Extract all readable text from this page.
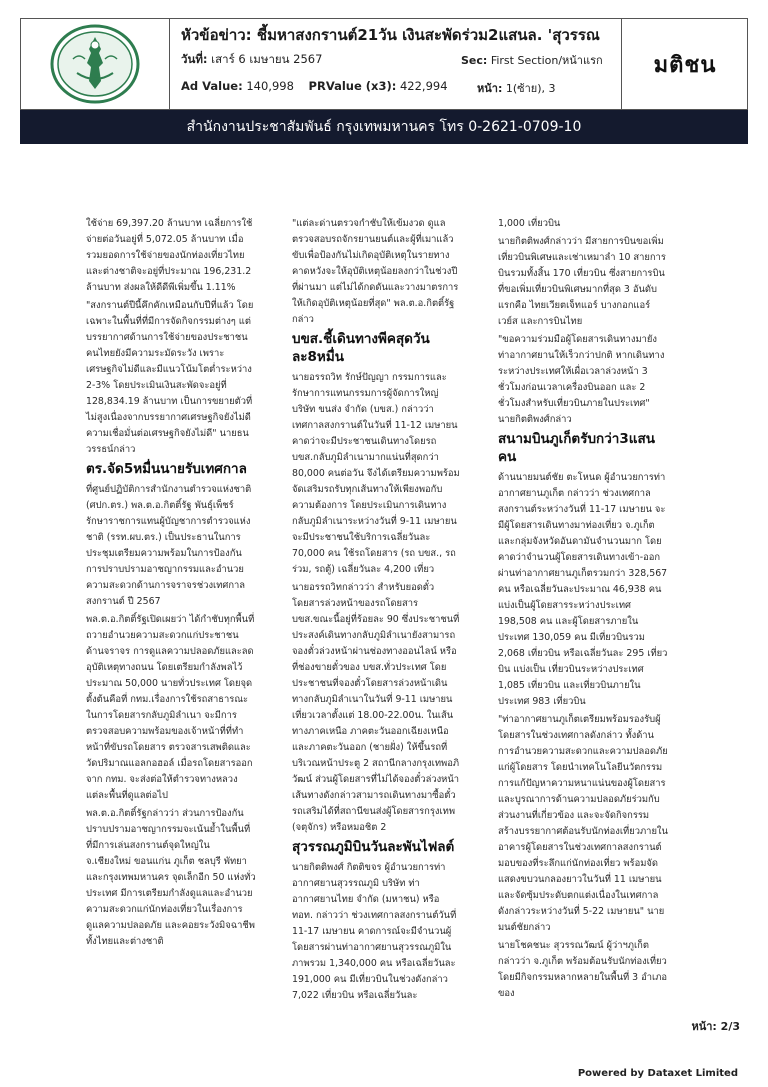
หัวข้อข่าว: ชี้มหาสงกรานต์21วัน เงินสะพัดร่วม2แสนล. 'สุวรรณ
วันที่: เสาร์ 6 เมษายน 2567	Sec: First Section/หน้าแรก
Ad Value: 140,998 PRValue (x3): 422,994	หน้า: 1(ซ้าย), 3
มติชน
สำนักงานประชาสัมพันธ์ กรุงเทพมหานคร โทร 0-2621-0709-10

ใช้จ่าย 69,397.20 ล้านบาท เฉลี่ยการใช้จ่ายต่อวันอยู่ที่ 5,072.05 ล้านบาท เมื่อรวมยอดการใช้จ่ายของนักท่องเที่ยวไทยและต่างชาติจะอยู่ที่ประมาณ 196,231.2 ล้านบาท ส่งผลให้ดีดีพีเพิ่มขึ้น 1.11%

"สงกรานต์ปีนี้คึกคักเหมือนกับปีที่แล้ว โดยเฉพาะในพื้นที่ที่มีการจัดกิจกรรมต่างๆ แต่บรรยากาศด้านการใช้จ่ายของประชาชนคนไทยยังมีความระมัดระวัง เพราะเศรษฐกิจไม่ดีและมีแนวโน้มโตต่ำระหว่าง 2-3% โดยประเมินเงินสะพัดจะอยู่ที่ 128,834.19 ล้านบาท เป็นการขยายตัวที่ไม่สูงเนื่องจากบรรยากาศเศรษฐกิจยังไม่ดี ความเชื่อมั่นต่อเศรษฐกิจยังไม่ดี" นายธนวรรธน์กล่าว

ตร.จัด5หมื่นนายรับเทศกาล

ที่ศูนย์ปฏิบัติการสำนักงานตำรวจแห่งชาติ (ศปก.ตร.) พล.ต.อ.กิตติ์รัฐ พันธุ์เพ็ชร์ รักษาราชการแทนผู้บัญชาการตำรวจแห่งชาติ (รรท.ผบ.ตร.) เป็นประธานในการประชุมเตรียมความพร้อมในการป้องกันการปราบปรามอาชญากรรมและอำนวยความสะดวกด้านการจราจรช่วงเทศกาลสงกรานต์ ปี 2567

พล.ต.อ.กิตติ์รัฐเปิดเผยว่า ได้กำชับทุกพื้นที่ถวายอำนวยความสะดวกแก่ประชาชนด้านจราจร การดูแลความปลอดภัยและลดอุบัติเหตุทางถนน โดยเตรียมกำลังพลไว้ประมาณ 50,000 นายทั่วประเทศ โดยจุดตั้งต้นคือที่ กทม.เรื่องการใช้รถสาธารณะในการโดยสารกลับภูมิลำเนา จะมีการตรวจสอบความพร้อมของเจ้าหน้าที่ที่ทำหน้าที่ขับรถโดยสาร ตรวจสารเสพติดและวัดปริมาณแอลกอฮอล์ เมื่อรถโดยสารออกจาก กทม. จะส่งต่อให้ตำรวจทางหลวงแต่ละพื้นที่ดูแลต่อไป

พล.ต.อ.กิตติ์รัฐกล่าวว่า ส่วนการป้องกันปราบปรามอาชญากรรมจะเน้นย้ำในพื้นที่ที่มีการเล่นสงกรานต์จุดใหญ่ใน จ.เชียงใหม่ ขอนแก่น ภูเก็ต ชลบุรี พัทยา และกรุงเทพมหานคร จุดเล็กอีก 50 แห่งทั่วประเทศ มีการเตรียมกำลังดูแลและอำนวยความสะดวกแก่นักท่องเที่ยวในเรื่องการดูแลความปลอดภัย และคอยระวังมิจฉาชีพทั้งไทยและต่างชาติ

"แต่ละด่านตรวจกำชับให้เข้มงวด ดูแลตรวจสอบรถจักรยานยนต์และผู้ที่เมาแล้วขับเพื่อป้องกันไม่เกิดอุบัติเหตุในรายทาง คาดหวังจะให้อุบัติเหตุน้อยลงกว่าในช่วงปีที่ผ่านมา แต่ไม่ได้กดดันและวางมาตรการให้เกิดอุบัติเหตุน้อยที่สุด" พล.ต.อ.กิตติ์รัฐกล่าว

บขส.ชี้เดินทางพีคสุดวันละ8หมื่น

นายอรรถวิท รักษ์ปัญญา กรรมการและรักษาการแทนกรรมการผู้จัดการใหญ่ บริษัท ขนส่ง จำกัด (บขส.) กล่าวว่า เทศกาลสงกรานต์ในวันที่ 11-12 เมษายน คาดว่าจะมีประชาชนเดินทางโดยรถ บขส.กลับภูมิลำเนามากแน่นที่สุดกว่า 80,000 คนต่อวัน จึงได้เตรียมความพร้อมจัดเสริมรถรับทุกเส้นทางให้เพียงพอกับความต้องการ โดยประเมินการเดินทางกลับภูมิลำเนาระหว่างวันที่ 9-11 เมษายน จะมีประชาชนใช้บริการเฉลี่ยวันละ 70,000 คน ใช้รถโดยสาร (รถ บขส., รถร่วม, รถตู้) เฉลี่ยวันละ 4,200 เที่ยว

นายอรรถวิทกล่าวว่า สำหรับยอดตั๋วโดยสารล่วงหน้าของรถโดยสาร บขส.ขณะนี้อยู่ที่ร้อยละ 90 ซึ่งประชาชนที่ประสงค์เดินทางกลับภูมิลำเนายังสามารถจองตั๋วล่วงหน้าผ่านช่องทางออนไลน์ หรือที่ช่องขายตั๋วของ บขส.ทั่วประเทศ โดยประชาชนที่จองตั๋วโดยสารล่วงหน้าเดินทางกลับภูมิลำเนาในวันที่ 9-11 เมษายน เที่ยวเวลาตั้งแต่ 18.00-22.00น. ในเส้นทางภาคเหนือ ภาคตะวันออกเฉียงเหนือ และภาคตะวันออก (ชายฝั่ง) ให้ขึ้นรถที่บริเวณหน้าประตู 2 สถานีกลางกรุงเทพอภิวัฒน์ ส่วนผู้โดยสารที่ไม่ได้จองตั๋วล่วงหน้าเส้นทางดังกล่าวสามารถเดินทางมาซื้อตั๋วรถเสริมได้ที่สถานีขนส่งผู้โดยสารกรุงเทพ (จตุจักร) หรือหมอชิต 2

สุวรรณภูมิบินวันละพันไฟลต์

นายกิตติพงศ์ กิตติขจร ผู้อำนวยการท่าอากาศยานสุวรรณภูมิ บริษัท ท่าอากาศยานไทย จำกัด (มหาชน) หรือ ทอท. กล่าวว่า ช่วงเทศกาลสงกรานต์วันที่ 11-17 เมษายน คาดการณ์จะมีจำนวนผู้โดยสารผ่านท่าอากาศยานสุวรรณภูมิในภาพรวม 1,340,000 คน หรือเฉลี่ยวันละ 191,000 คน มีเที่ยวบินในช่วงดังกล่าว 7,022 เที่ยวบิน หรือเฉลี่ยวันละ

1,000 เที่ยวบิน

นายกิตติพงศ์กล่าวว่า มีสายการบินขอเพิ่มเที่ยวบินพิเศษและเช่าเหมาลำ 10 สายการบินรวมทั้งสิ้น 170 เที่ยวบิน ซึ่งสายการบินที่ขอเพิ่มเที่ยวบินพิเศษมากที่สุด 3 อันดับแรกคือ ไทยเวียตเจ็ทแอร์ บางกอกแอร์เวย์ส และการบินไทย

"ขอความร่วมมือผู้โดยสารเดินทางมายังท่าอากาศยานให้เร็วกว่าปกติ หากเดินทางระหว่างประเทศให้เผื่อเวลาล่วงหน้า 3 ชั่วโมงก่อนเวลาเครื่องบินออก และ 2 ชั่วโมงสำหรับเที่ยวบินภายในประเทศ" นายกิตติพงศ์กล่าว

สนามบินภูเก็ตรับกว่า3แสนคน

ด้านนายมนต์ชัย ตะโหนด ผู้อำนวยการท่าอากาศยานภูเก็ต กล่าวว่า ช่วงเทศกาลสงกรานต์ระหว่างวันที่ 11-17 เมษายน จะมีผู้โดยสารเดินทางมาท่องเที่ยว จ.ภูเก็ต และกลุ่มจังหวัดอันดามันจำนวนมาก โดยคาดว่าจำนวนผู้โดยสารเดินทางเข้า-ออกผ่านท่าอากาศยานภูเก็ตรวมกว่า 328,567 คน หรือเฉลี่ยวันละประมาณ 46,938 คน แบ่งเป็นผู้โดยสารระหว่างประเทศ 198,508 คน และผู้โดยสารภายในประเทศ 130,059 คน มีเที่ยวบินรวม 2,068 เที่ยวบิน หรือเฉลี่ยวันละ 295 เที่ยวบิน แบ่งเป็น เที่ยวบินระหว่างประเทศ 1,085 เที่ยวบิน และเที่ยวบินภายในประเทศ 983 เที่ยวบิน

"ท่าอากาศยานภูเก็ตเตรียมพร้อมรองรับผู้โดยสารในช่วงเทศกาลดังกล่าว ทั้งด้านการอำนวยความสะดวกและความปลอดภัยแก่ผู้โดยสาร โดยนำเทคโนโลยีนวัตกรรมการแก้ปัญหาความหนาแน่นของผู้โดยสาร และบูรณาการด้านความปลอดภัยร่วมกับส่วนงานที่เกี่ยวข้อง และจะจัดกิจกรรมสร้างบรรยากาศต้อนรับนักท่องเที่ยวภายในอาคารผู้โดยสารในช่วงเทศกาลสงกรานต์ มอบของที่ระลึกแก่นักท่องเที่ยว พร้อมจัดแสดงขบวนกลองยาวในวันที่ 11 เมษายน และจัดซุ้มประดับตกแต่งเนื่องในเทศกาลดังกล่าวระหว่างวันที่ 5-22 เมษายน" นายมนต์ชัยกล่าว

นายโชคชนะ สุวรรณวัฒน์ ผู้ว่าฯภูเก็ต กล่าวว่า จ.ภูเก็ต พร้อมต้อนรับนักท่องเที่ยวโดยมีกิจกรรมหลากหลายในพื้นที่ 3 อำเภอของ

หน้า: 2/3
Powered by Dataxet Limited
